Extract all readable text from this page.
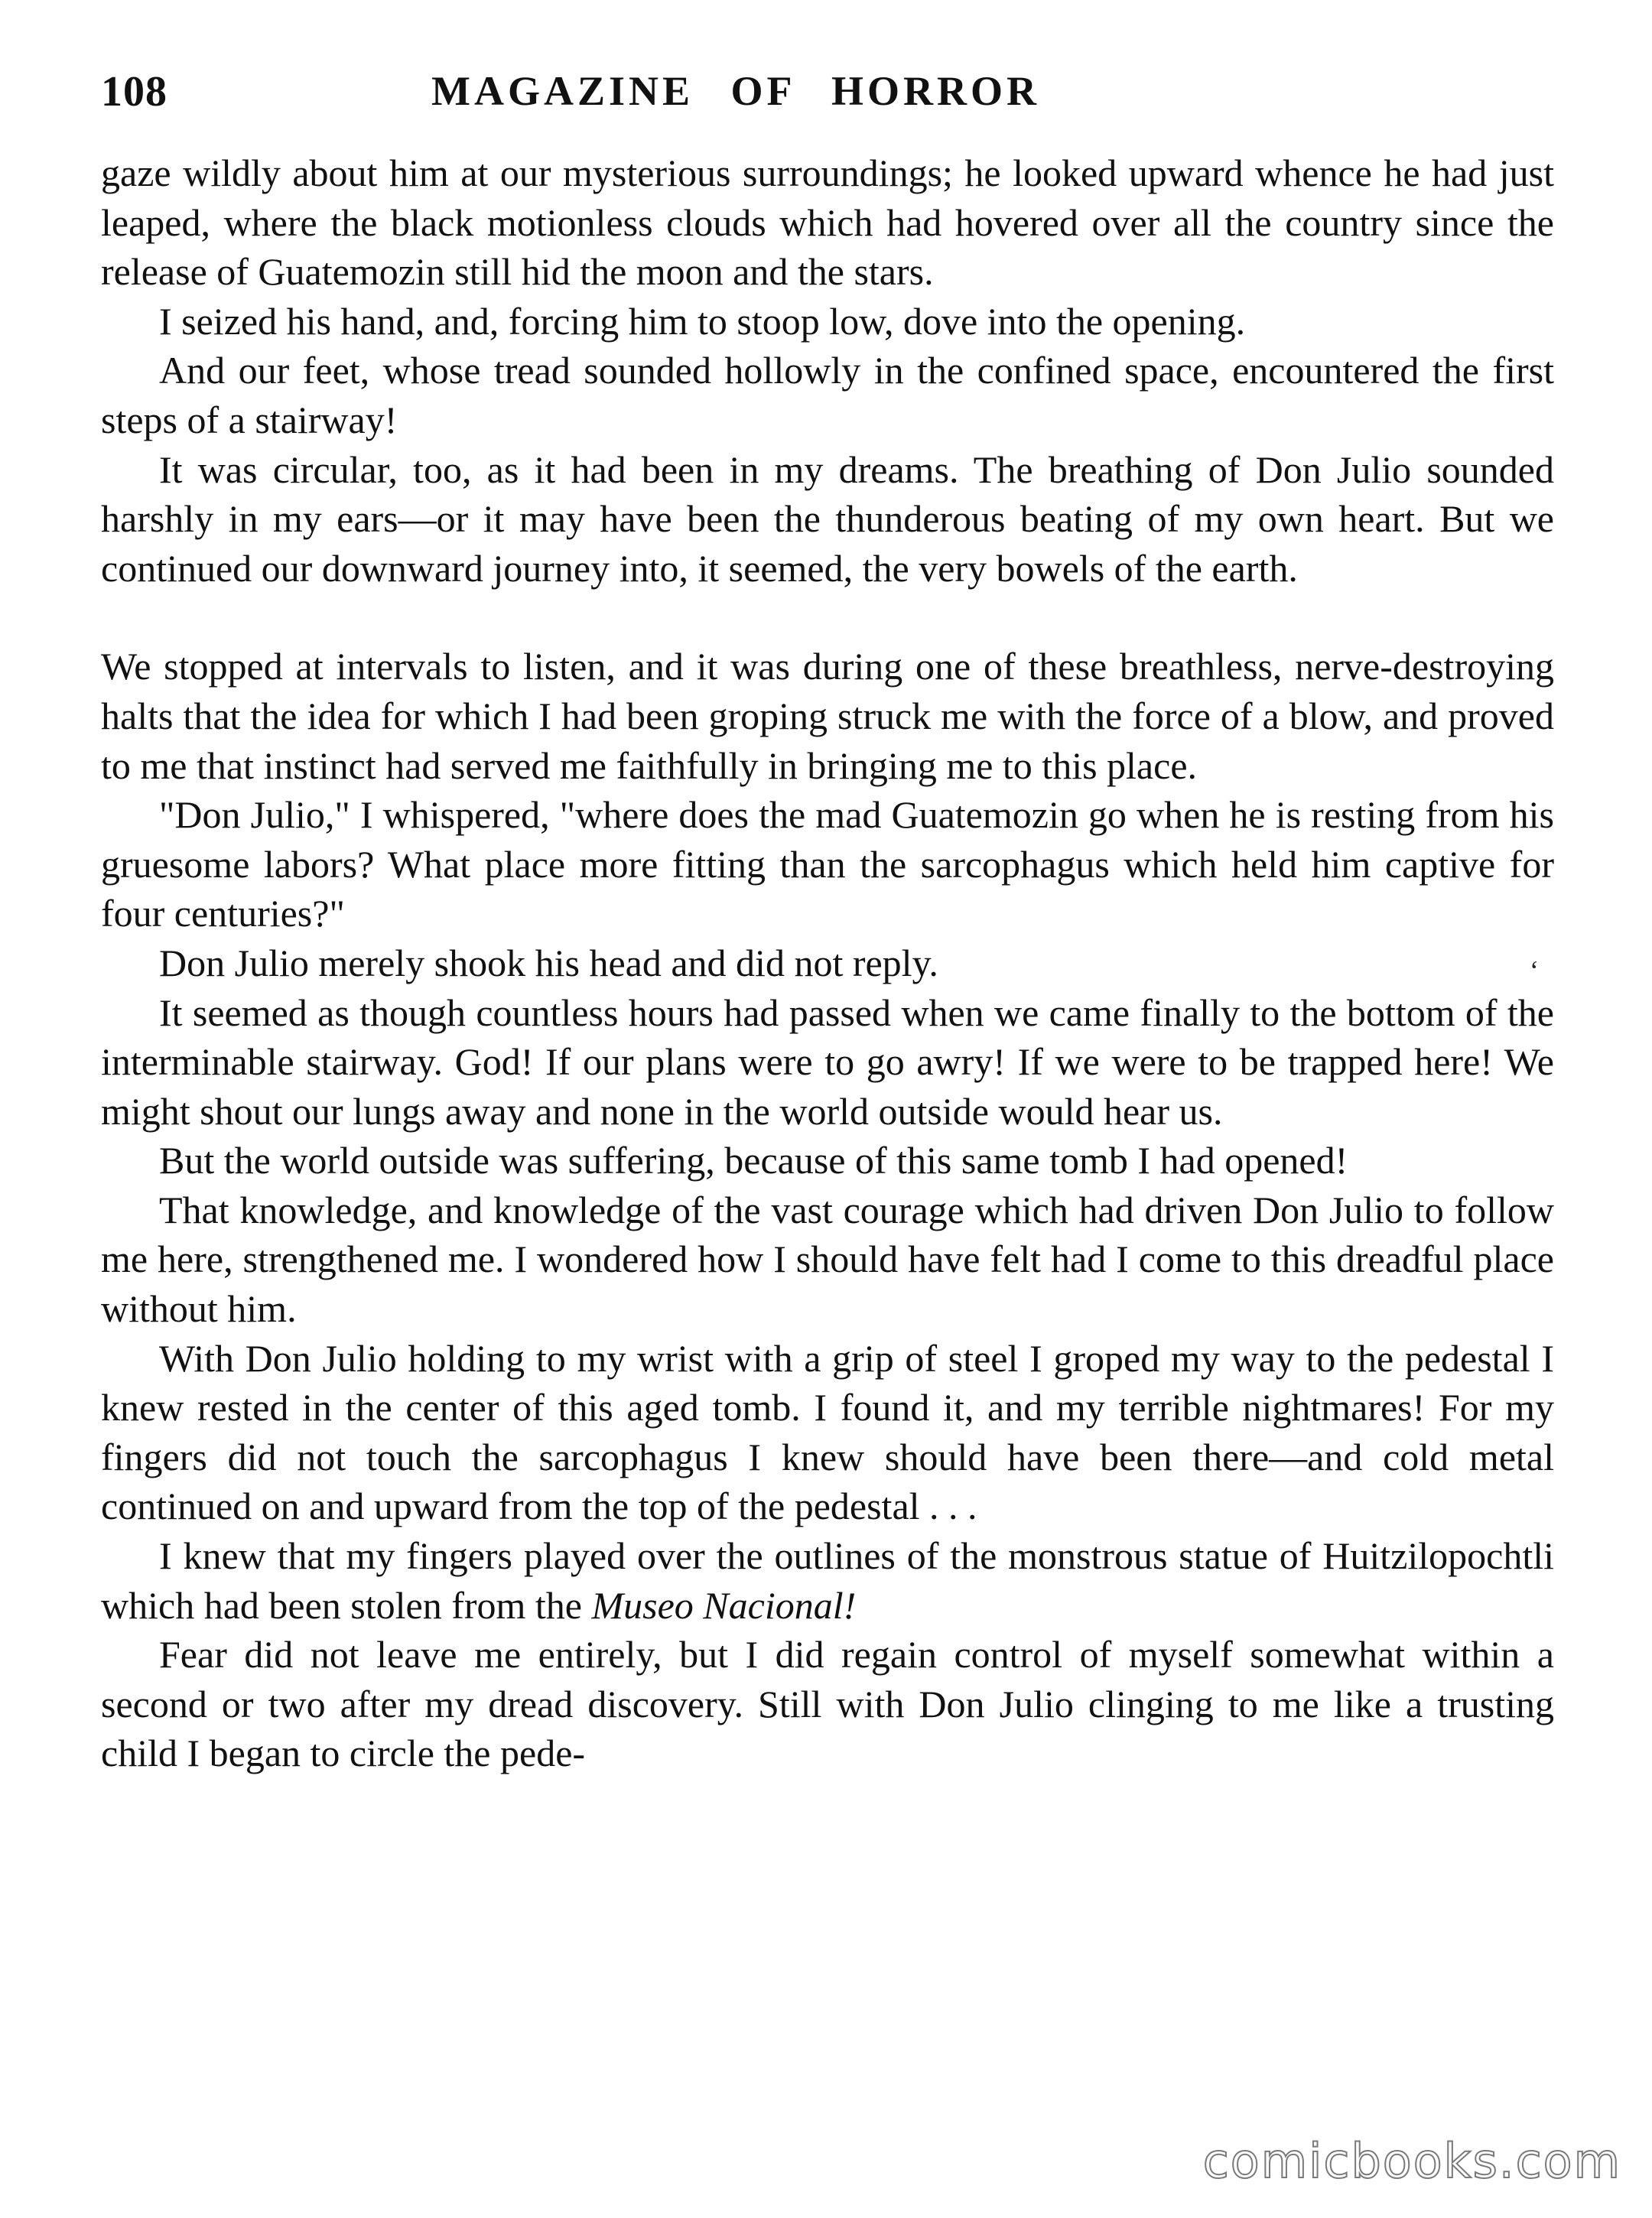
108	MAGAZINE OF HORROR

gaze wildly about him at our mysterious surroundings; he looked upward whence he had just leaped, where the black motionless clouds which had hovered over all the country since the release of Guatemozin still hid the moon and the stars.

I seized his hand, and, forcing him to stoop low, dove into the opening.

And our feet, whose tread sounded hollowly in the confined space, encountered the first steps of a stairway!

It was circular, too, as it had been in my dreams. The breathing of Don Julio sounded harshly in my ears—or it may have been the thunderous beating of my own heart. But we continued our downward journey into, it seemed, the very bowels of the earth.

We stopped at intervals to listen, and it was during one of these breathless, nerve-destroying halts that the idea for which I had been groping struck me with the force of a blow, and proved to me that instinct had served me faithfully in bringing me to this place.

"Don Julio," I whispered, "where does the mad Guatemozin go when he is resting from his gruesome labors? What place more fitting than the sarcophagus which held him captive for four centuries?"

Don Julio merely shook his head and did not reply.

It seemed as though countless hours had passed when we came finally to the bottom of the interminable stairway. God! If our plans were to go awry! If we were to be trapped here! We might shout our lungs away and none in the world outside would hear us.

But the world outside was suffering, because of this same tomb I had opened!

That knowledge, and knowledge of the vast courage which had driven Don Julio to follow me here, strengthened me. I wondered how I should have felt had I come to this dreadful place without him.

With Don Julio holding to my wrist with a grip of steel I groped my way to the pedestal I knew rested in the center of this aged tomb. I found it, and my terrible nightmares! For my fingers did not touch the sarcophagus I knew should have been there—and cold metal continued on and upward from the top of the pedestal . . .

I knew that my fingers played over the outlines of the monstrous statue of Huitzilopochtli which had been stolen from the Museo Nacional!

Fear did not leave me entirely, but I did regain control of myself somewhat within a second or two after my dread discovery. Still with Don Julio clinging to me like a trusting child I began to circle the pede-

‘
comicbooks.com
